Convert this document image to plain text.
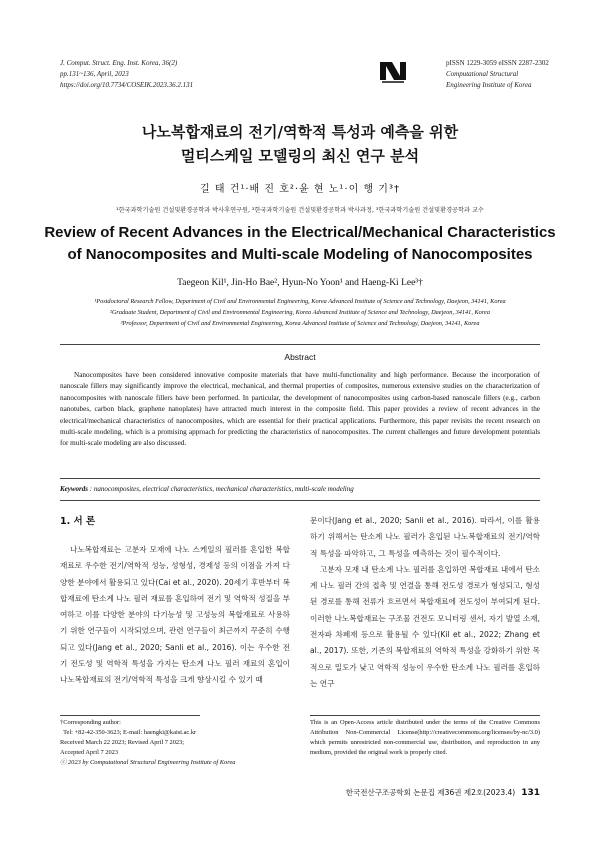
J. Comput. Struct. Eng. Inst. Korea, 36(2)
pp.131~136, April, 2023
https://doi.org/10.7734/COSEIK.2023.36.2.131
pISSN 1229-3059 eISSN 2287-2302
Computational Structural
Engineering Institute of Korea
나노복합재료의 전기/역학적 특성과 예측을 위한
멀티스케일 모델링의 최신 연구 분석
길 태 건¹·배 진 호²·윤 현 노¹·이 행 기³†
¹한국과학기술원 건설및환경공학과 박사후연구원, ²한국과학기술원 건설및환경공학과 박사과정, ³한국과학기술원 건설및환경공학과 교수
Review of Recent Advances in the Electrical/Mechanical Characteristics
of Nanocomposites and Multi-scale Modeling of Nanocomposites
Taegeon Kil¹, Jin-Ho Bae², Hyun-No Yoon¹ and Haeng-Ki Lee³†
¹Postdoctoral Research Fellow, Department of Civil and Environmental Engineering, Korea Advanced Institute of Science and Technology, Daejeon, 34141, Korea
²Graduate Student, Department of Civil and Environmental Engineering, Korea Advanced Institute of Science and Technology, Daejeon, 34141, Korea
³Professor, Department of Civil and Environmental Engineering, Korea Advanced Institute of Science and Technology, Daejeon, 34141, Korea
Abstract
Nanocomposites have been considered innovative composite materials that have multi-functionality and high performance. Because the incorporation of nanoscale fillers may significantly improve the electrical, mechanical, and thermal properties of composites, numerous extensive studies on the characterization of nanocomposites with nanoscale fillers have been performed. In particular, the development of nanocomposites using carbon-based nanoscale fillers (e.g., carbon nanotubes, carbon black, graphene nanoplates) have attracted much interest in the composite field. This paper provides a review of recent advances in the electrical/mechanical characteristics of nanocomposites, which are essential for their practical applications. Furthermore, this paper revisits the recent research on multi-scale modeling, which is a promising approach for predicting the characteristics of nanocomposites. The current challenges and future development potentials for multi-scale modeling are also discussed.
Keywords : nanocomposites, electrical characteristics, mechanical characteristics, multi-scale modeling
1. 서 론
나노복합재료는 고분자 모재에 나노 스케일의 필러를 혼입한 복합재료로 우수한 전기/역학적 성능, 성형성, 경제성 등의 이점을 가져 다양한 분야에서 활용되고 있다(Cai et al., 2020). 20세기 후반부터 복합재료에 탄소계 나노 필러 재료를 혼입하여 전기 및 역학적 성질을 부여하고 이를 다양한 분야의 다기능성 및 고성능의 복합재료로 사용하기 위한 연구들이 시작되었으며, 관련 연구들이 최근까지 꾸준히 수행되고 있다(Jang et al., 2020; Sanli et al., 2016). 이는 우수한 전기 전도성 및 역학적 특성을 가지는 탄소계 나노 필러 재료의 혼입이 나노복합재료의 전기/역학적 특성을 크게 향상시킬 수 있기 때
문이다(Jang et al., 2020; Sanli et al., 2016). 따라서, 이를 활용하기 위해서는 탄소계 나노 필러가 혼입된 나노복합재료의 전기/역학적 특성을 파악하고, 그 특성을 예측하는 것이 필수적이다.
고분자 모재 내 탄소계 나노 필러를 혼입하면 복합재료 내에서 탄소계 나노 필러 간의 접촉 및 연결을 통해 전도성 경로가 형성되고, 형성된 경로를 통해 전류가 흐르면서 복합재료에 전도성이 부여되게 된다. 이러한 나노복합재료는 구조물 건전도 모니터링 센서, 자기 발열 소재, 전자파 차폐재 등으로 활용될 수 있다(Kil et al., 2022; Zhang et al., 2017). 또한, 기존의 복합재료의 역학적 특성을 강화하기 위한 목적으로 밀도가 낮고 역학적 성능이 우수한 탄소계 나노 필러를 혼입하는 연구
†Corresponding author:
Tel: +82-42-350-3623; E-mail: haengki@kaist.ac.kr
Received March 22 2023; Revised April 7 2023;
Accepted April 7 2023
ⓒ 2023 by Computational Structural Engineering Institute of Korea
This is an Open-Access article distributed under the terms of the Creative Commons Attribution Non-Commercial License(http://creativecommons.org/licenses/by-nc/3.0) which permits unrestricted non-commercial use, distribution, and reproduction in any medium, provided the original work is properly cited.
한국전산구조공학회 논문집 제36권 제2호(2023.4) 131
